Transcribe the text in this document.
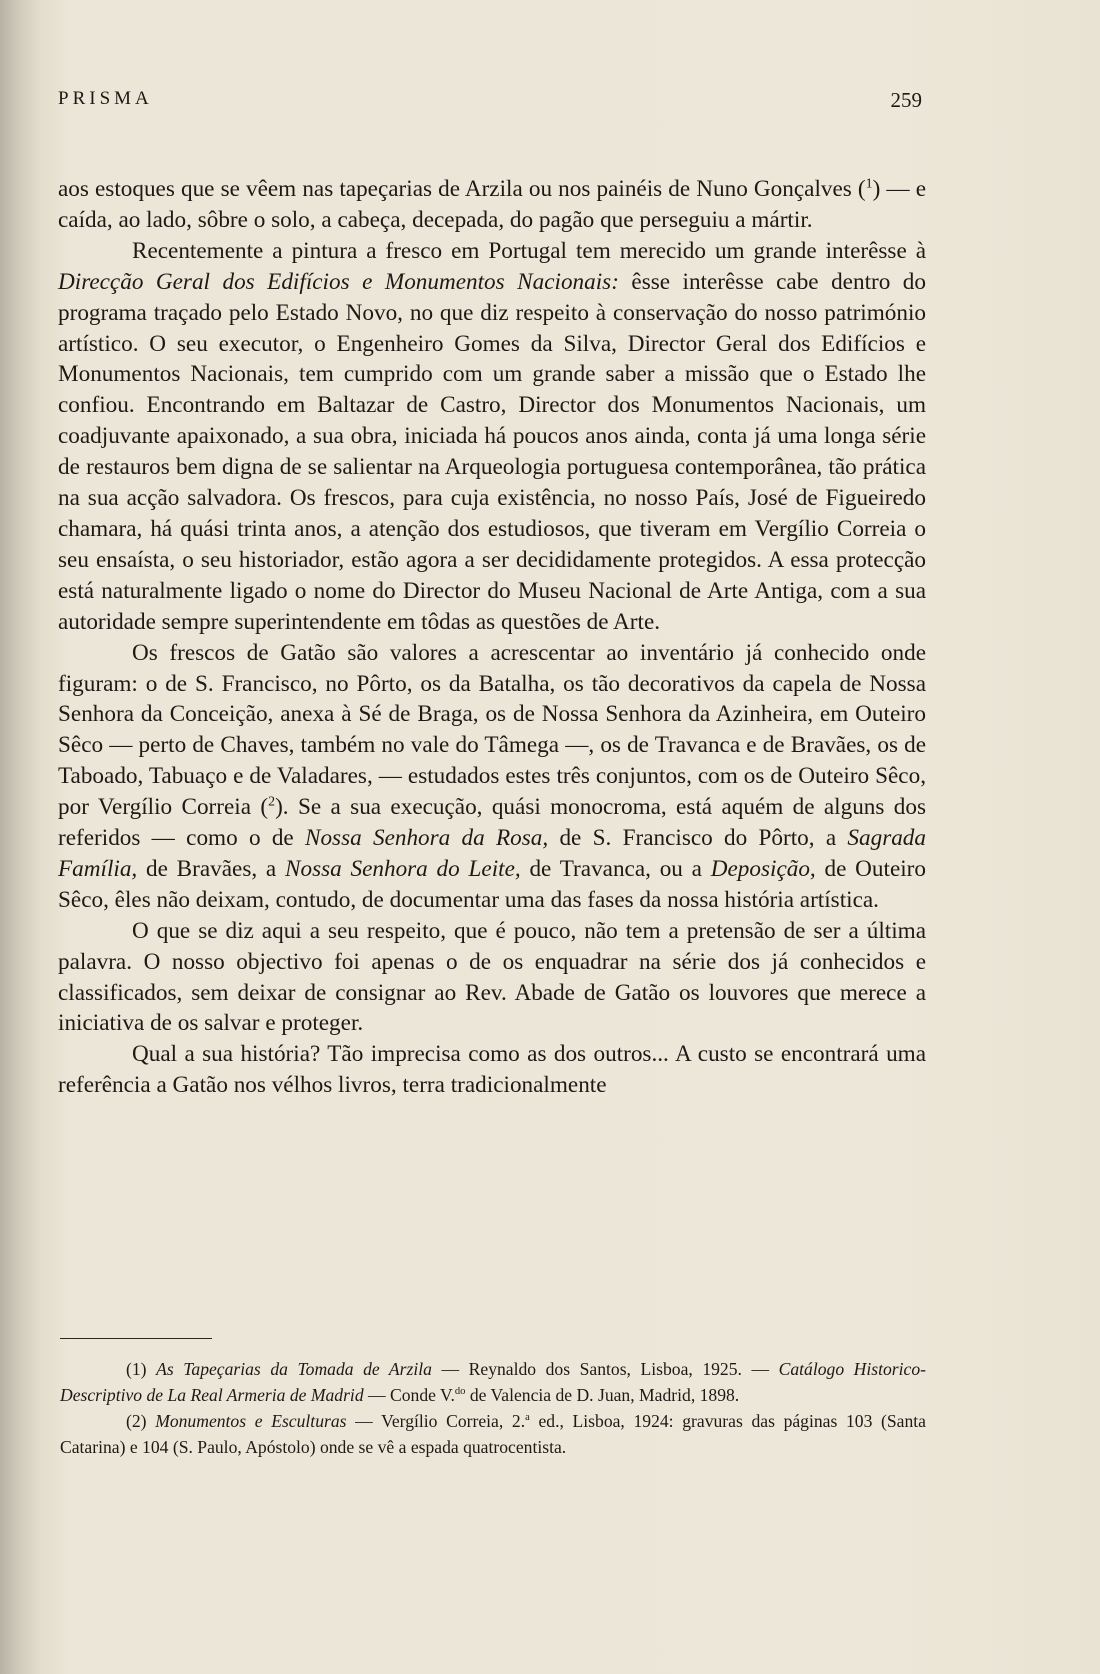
PRISMA	259

aos estoques que se vêem nas tapeçarias de Arzila ou nos painéis de Nuno Gonçalves ($^1$) — e caída, ao lado, sôbre o solo, a cabeça, decepada, do pagão que perseguiu a mártir.

Recentemente a pintura a fresco em Portugal tem merecido um grande interêsse à Direcção Geral dos Edifícios e Monumentos Nacionais: êsse interêsse cabe dentro do programa traçado pelo Estado Novo, no que diz respeito à conservação do nosso património artístico. O seu executor, o Engenheiro Gomes da Silva, Director Geral dos Edifícios e Monumentos Nacionais, tem cumprido com um grande saber a missão que o Estado lhe confiou. Encontrando em Baltazar de Castro, Director dos Monumentos Nacionais, um coadjuvante apaixonado, a sua obra, iniciada há poucos anos ainda, conta já uma longa série de restauros bem digna de se salientar na Arqueologia portuguesa contemporânea, tão prática na sua acção salvadora. Os frescos, para cuja existência, no nosso País, José de Figueiredo chamara, há quási trinta anos, a atenção dos estudiosos, que tiveram em Vergílio Correia o seu ensaísta, o seu historiador, estão agora a ser decididamente protegidos. A essa protecção está naturalmente ligado o nome do Director do Museu Nacional de Arte Antiga, com a sua autoridade sempre superintendente em tôdas as questões de Arte.

Os frescos de Gatão são valores a acrescentar ao inventário já conhecido onde figuram: o de S. Francisco, no Pôrto, os da Batalha, os tão decorativos da capela de Nossa Senhora da Conceição, anexa à Sé de Braga, os de Nossa Senhora da Azinheira, em Outeiro Sêco — perto de Chaves, também no vale do Tâmega —, os de Travanca e de Bravães, os de Taboado, Tabuaço e de Valadares, — estudados estes três conjuntos, com os de Outeiro Sêco, por Vergílio Correia ($^2$). Se a sua execução, quási monocroma, está aquém de alguns dos referidos — como o de Nossa Senhora da Rosa, de S. Francisco do Pôrto, a Sagrada Família, de Bravães, a Nossa Senhora do Leite, de Travanca, ou a Deposição, de Outeiro Sêco, êles não deixam, contudo, de documentar uma das fases da nossa história artística.

O que se diz aqui a seu respeito, que é pouco, não tem a pretensão de ser a última palavra. O nosso objectivo foi apenas o de os enquadrar na série dos já conhecidos e classificados, sem deixar de consignar ao Rev. Abade de Gatão os louvores que merece a iniciativa de os salvar e proteger.

Qual a sua história? Tão imprecisa como as dos outros... A custo se encontrará uma referência a Gatão nos vélhos livros, terra tradicionalmente

(1) As Tapeçarias da Tomada de Arzila — Reynaldo dos Santos, Lisboa, 1925. — Catálogo Historico-Descriptivo de La Real Armeria de Madrid — Conde V.$^{do}$ de Valencia de D. Juan, Madrid, 1898.

(2) Monumentos e Esculturas — Vergílio Correia, 2.$^a$ ed., Lisboa, 1924: gravuras das páginas 103 (Santa Catarina) e 104 (S. Paulo, Apóstolo) onde se vê a espada quatrocentista.
